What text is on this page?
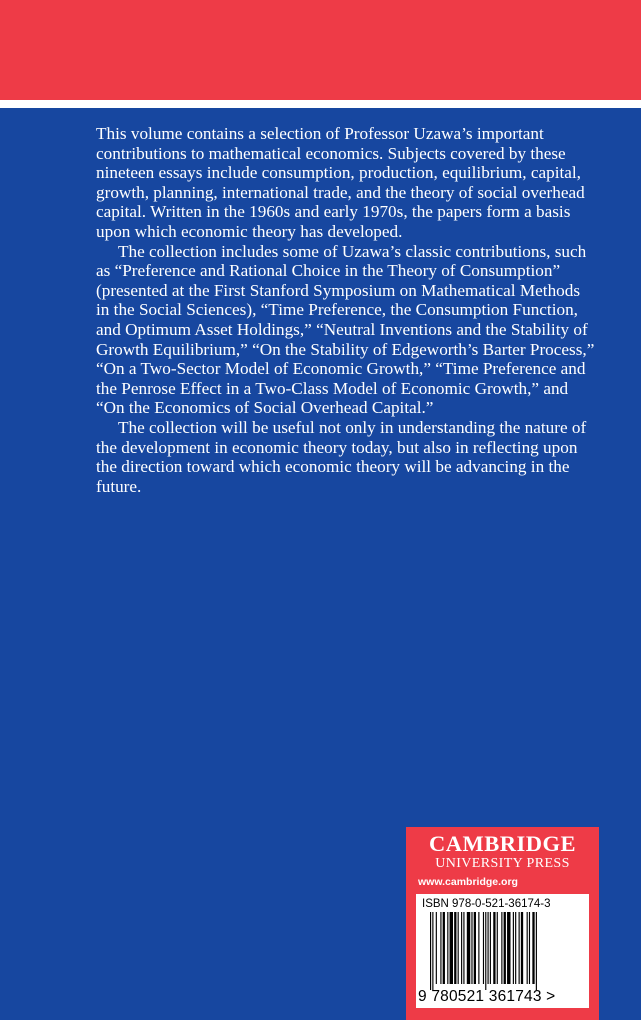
This volume contains a selection of Professor Uzawa’s important contributions to mathematical economics. Subjects covered by these nineteen essays include consumption, production, equilibrium, capital, growth, planning, international trade, and the theory of social overhead capital. Written in the 1960s and early 1970s, the papers form a basis upon which economic theory has developed.

The collection includes some of Uzawa’s classic contributions, such as “Preference and Rational Choice in the Theory of Consumption” (presented at the First Stanford Symposium on Mathematical Methods in the Social Sciences), “Time Preference, the Consumption Function, and Optimum Asset Holdings,” “Neutral Inventions and the Stability of Growth Equilibrium,” “On the Stability of Edgeworth’s Barter Process,” “On a Two-Sector Model of Economic Growth,” “Time Preference and the Penrose Effect in a Two-Class Model of Economic Growth,” and “On the Economics of Social Overhead Capital.”

The collection will be useful not only in understanding the nature of the development in economic theory today, but also in reflecting upon the direction toward which economic theory will be advancing in the future.

CAMBRIDGE
UNIVERSITY PRESS
www.cambridge.org
ISBN 978-0-521-36174-3
9 780521 361743 >
